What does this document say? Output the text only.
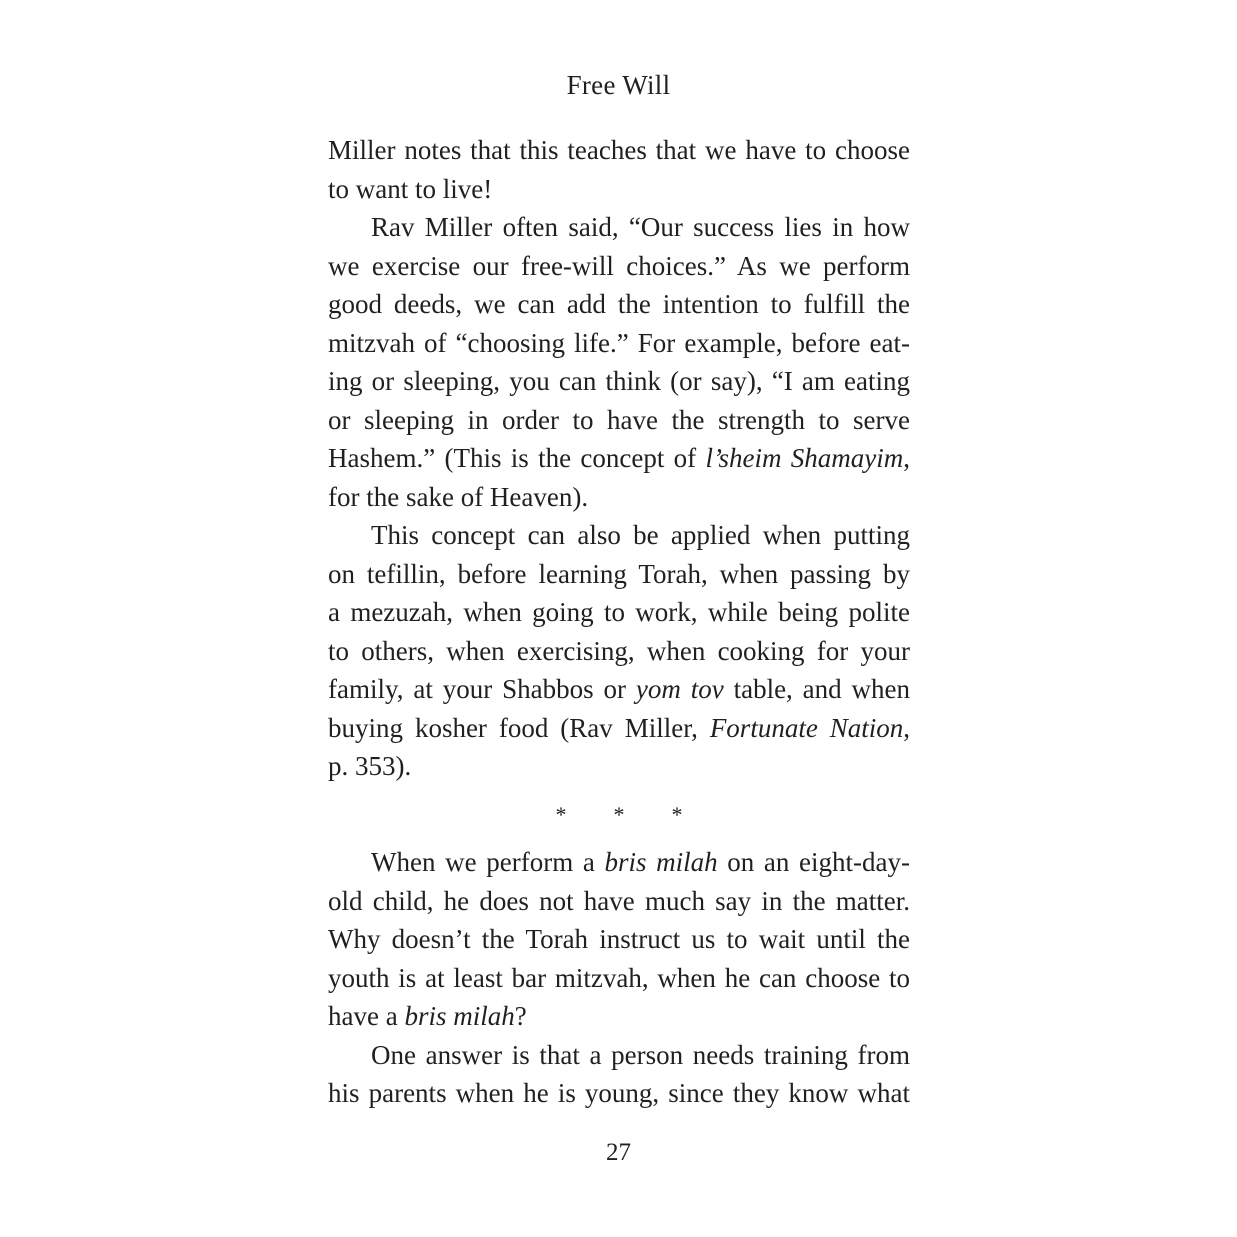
Free Will

Miller notes that this teaches that we have to choose
to want to live!

Rav Miller often said, “Our success lies in how
we exercise our free-will choices.” As we perform
good deeds, we can add the intention to fulfill the
mitzvah of “choosing life.” For example, before eat-
ing or sleeping, you can think (or say), “I am eating
or sleeping in order to have the strength to serve
Hashem.” (This is the concept of l’sheim Shamayim,
for the sake of Heaven).

This concept can also be applied when putting
on tefillin, before learning Torah, when passing by
a mezuzah, when going to work, while being polite
to others, when exercising, when cooking for your
family, at your Shabbos or yom tov table, and when
buying kosher food (Rav Miller, Fortunate Nation,
p. 353).

* * *

When we perform a bris milah on an eight-day-
old child, he does not have much say in the matter.
Why doesn’t the Torah instruct us to wait until the
youth is at least bar mitzvah, when he can choose to
have a bris milah?

One answer is that a person needs training from
his parents when he is young, since they know what

27
